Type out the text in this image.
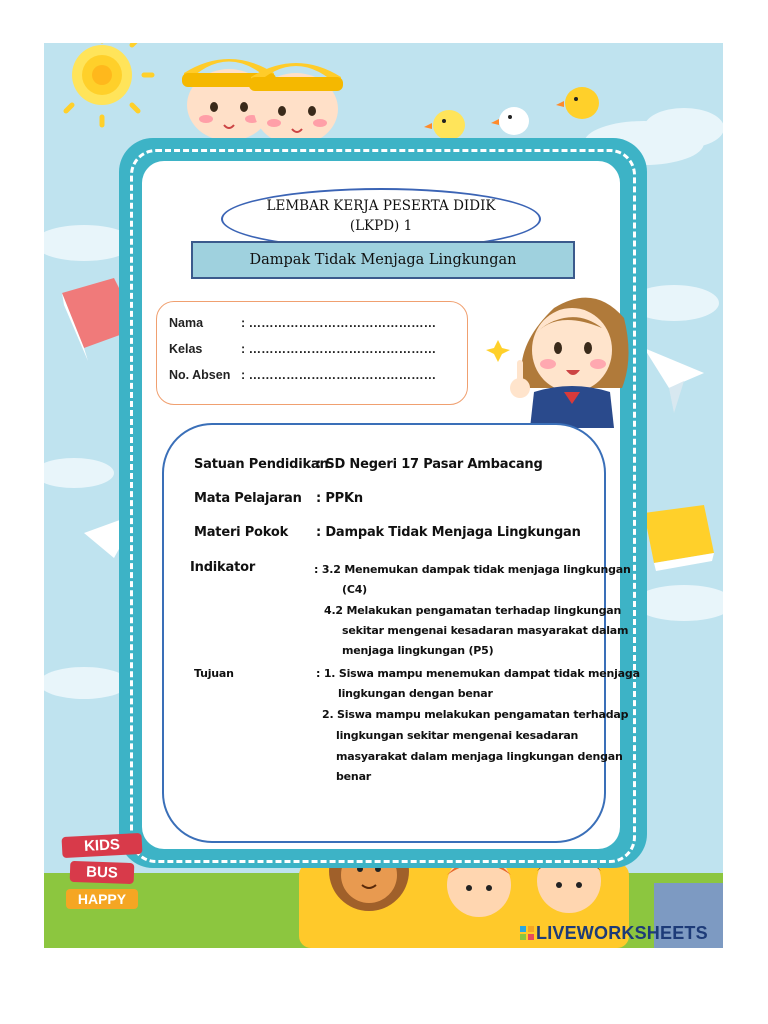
LEMBAR KERJA PESERTA DIDIK
(LKPD) 1
Dampak Tidak Menjaga Lingkungan
Nama	: ………………………………………
Kelas	: ………………………………………
No. Absen : ………………………………………
Satuan Pendidikan
: SD Negeri 17 Pasar Ambacang
Mata Pelajaran : PPKn
Materi Pokok : Dampak Tidak Menjaga Lingkungan
Indikator	: 3.2 Menemukan dampak tidak menjaga lingkungan
(C4)
4.2 Melakukan pengamatan terhadap lingkungan
sekitar mengenai kesadaran masyarakat dalam
menjaga lingkungan (P5)
Tujuan	: 1. Siswa mampu menemukan dampat tidak menjaga
lingkungan dengan benar
2. Siswa mampu melakukan pengamatan terhadap
lingkungan sekitar mengenai kesadaran
masyarakat dalam menjaga lingkungan dengan
benar
KIDS
BUS
HAPPY
LIVEWORKSHEETS
